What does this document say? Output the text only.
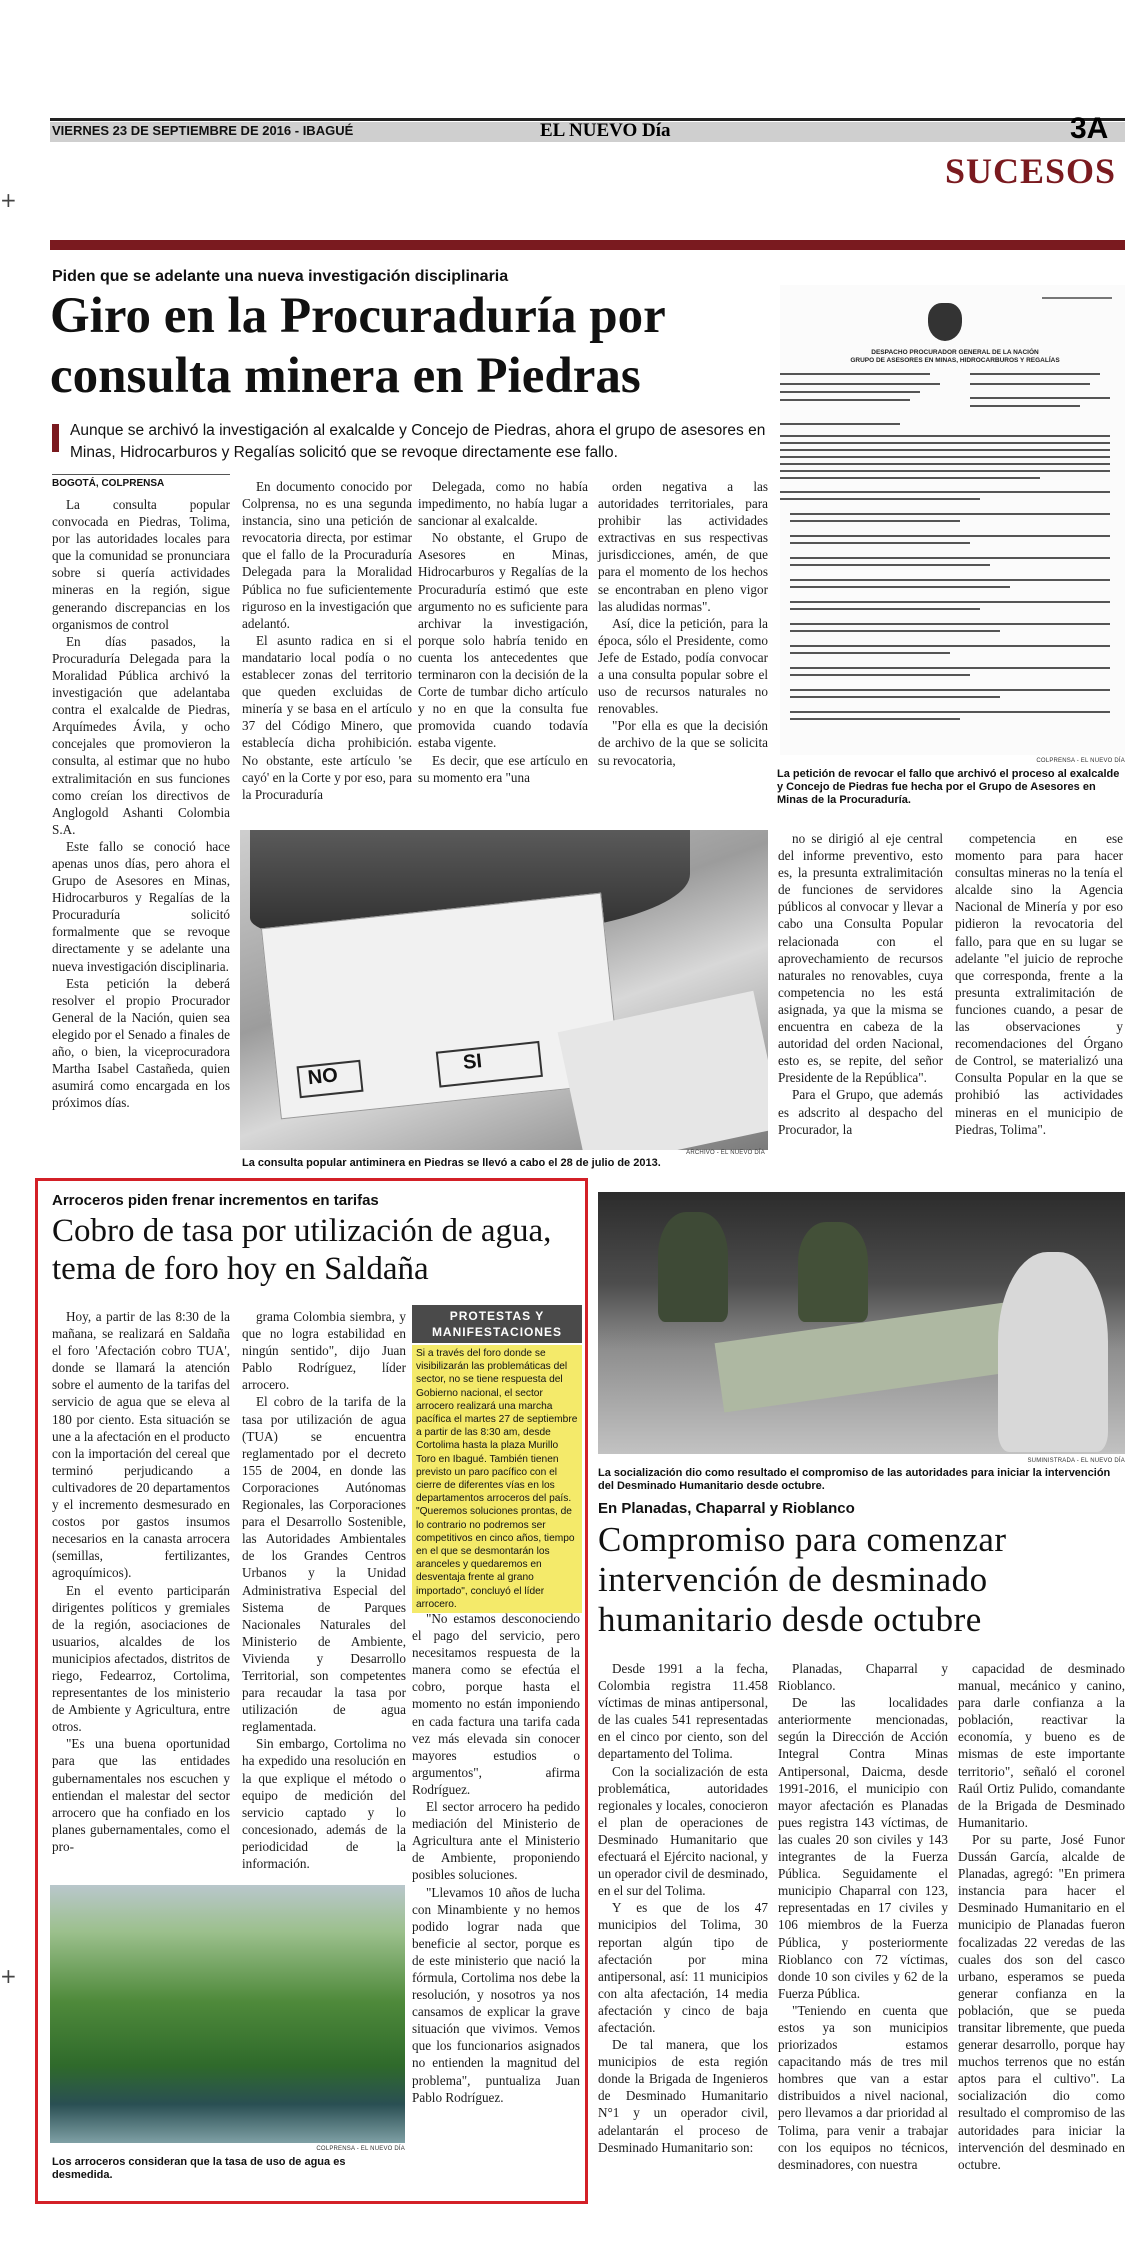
VIERNES 23 DE SEPTIEMBRE DE 2016 - IBAGUÉ	EL NUEVO Día	3A
SUCESOS
+
+
Piden que se adelante una nueva investigación disciplinaria
Giro en la Procuraduría por consulta minera en Piedras
Aunque se archivó la investigación al exalcalde y Concejo de Piedras, ahora el grupo de asesores en Minas, Hidrocarburos y Regalías solicitó que se revoque directamente ese fallo.
BOGOTÁ, COLPRENSA

La consulta popular convocada en Piedras, Tolima, por las autoridades locales para que la comunidad se pronunciara sobre si quería actividades mineras en la región, sigue generando discrepancias en los organismos de control

En días pasados, la Procuraduría Delegada para la Moralidad Pública archivó la investigación que adelantaba contra el exalcalde de Piedras, Arquímedes Ávila, y ocho concejales que promovieron la consulta, al estimar que no hubo extralimitación en sus funciones como creían los directivos de Anglogold Ashanti Colombia S.A.

Este fallo se conoció hace apenas unos días, pero ahora el Grupo de Asesores en Minas, Hidrocarburos y Regalías de la Procuraduría solicitó formalmente que se revoque directamente y se adelante una nueva investigación disciplinaria.

Esta petición la deberá resolver el propio Procurador General de la Nación, quien sea elegido por el Senado a finales de año, o bien, la viceprocuradora Martha Isabel Castañeda, quien asumirá como encargada en los próximos días.

En documento conocido por Colprensa, no es una segunda instancia, sino una petición de revocatoria directa, por estimar que el fallo de la Procuraduría Delegada para la Moralidad Pública no fue suficientemente riguroso en la investigación que adelantó.

El asunto radica en si el mandatario local podía o no establecer zonas del territorio que queden excluidas de minería y se basa en el artículo 37 del Código Minero, que establecía dicha prohibición. No obstante, este artículo 'se cayó' en la Corte y por eso, para la Procuraduría

Delegada, como no había impedimento, no había lugar a sancionar al exalcalde.

No obstante, el Grupo de Asesores en Minas, Hidrocarburos y Regalías de la Procuraduría estimó que este argumento no es suficiente para archivar la investigación, porque solo habría tenido en cuenta los antecedentes que terminaron con la decisión de la Corte de tumbar dicho artículo y no en que la consulta fue promovida cuando todavía estaba vigente.

Es decir, que ese artículo en su momento era "una

orden negativa a las autoridades territoriales, para prohibir las actividades extractivas en sus respectivas jurisdicciones, amén, de que para el momento de los hechos se encontraban en pleno vigor las aludidas normas".

Así, dice la petición, para la época, sólo el Presidente, como Jefe de Estado, podía convocar a una consulta popular sobre el uso de recursos naturales no renovables.

"Por ella es que la decisión de archivo de la que se solicita su revocatoria,

DESPACHO PROCURADOR GENERAL DE LA NACIÓN
GRUPO DE ASESORES EN MINAS, HIDROCARBUROS Y REGALÍAS
COLPRENSA - EL NUEVO DÍA
La petición de revocar el fallo que archivó el proceso al exalcalde y Concejo de Piedras fue hecha por el Grupo de Asesores en Minas de la Procuraduría.
NO
SI
ARCHIVO - EL NUEVO DÍA
La consulta popular antiminera en Piedras se llevó a cabo el 28 de julio de 2013.

no se dirigió al eje central del informe preventivo, esto es, la presunta extralimitación de funciones de servidores públicos al convocar y llevar a cabo una Consulta Popular relacionada con el aprovechamiento de recursos naturales no renovables, cuya competencia no les está asignada, ya que la misma se encuentra en cabeza de la autoridad del orden Nacional, esto es, se repite, del señor Presidente de la República".

Para el Grupo, que además es adscrito al despacho del Procurador, la

competencia en ese momento para para hacer consultas mineras no la tenía el alcalde sino la Agencia Nacional de Minería y por eso pidieron la revocatoria del fallo, para que en su lugar se adelante "el juicio de reproche que corresponda, frente a la presunta extralimitación de funciones cuando, a pesar de las observaciones y recomendaciones del Órgano de Control, se materializó una Consulta Popular en la que se prohibió las actividades mineras en el municipio de Piedras, Tolima".

Arroceros piden frenar incrementos en tarifas
Cobro de tasa por utilización de agua, tema de foro hoy en Saldaña

Hoy, a partir de las 8:30 de la mañana, se realizará en Saldaña el foro 'Afectación cobro TUA', donde se llamará la atención sobre el aumento de la tarifas del servicio de agua que se eleva al 180 por ciento. Esta situación se une a la afectación en el producto con la importación del cereal que terminó perjudicando a cultivadores de 20 departamentos y el incremento desmesurado en costos por gastos insumos necesarios en la canasta arrocera (semillas, fertilizantes, agroquímicos).

En el evento participarán dirigentes políticos y gremiales de la región, asociaciones de usuarios, alcaldes de los municipios afectados, distritos de riego, Fedearroz, Cortolima, representantes de los ministerio de Ambiente y Agricultura, entre otros.

"Es una buena oportunidad para que las entidades gubernamentales nos escuchen y entiendan el malestar del sector arrocero que ha confiado en los planes gubernamentales, como el pro-

grama Colombia siembra, y que no logra estabilidad en ningún sentido", dijo Juan Pablo Rodríguez, líder arrocero.

El cobro de la tarifa de la tasa por utilización de agua (TUA) se encuentra reglamentado por el decreto 155 de 2004, en donde las Corporaciones Autónomas Regionales, las Corporaciones para el Desarrollo Sostenible, las Autoridades Ambientales de los Grandes Centros Urbanos y la Unidad Administrativa Especial del Sistema de Parques Nacionales Naturales del Ministerio de Ambiente, Vivienda y Desarrollo Territorial, son competentes para recaudar la tasa por utilización de agua reglamentada.

Sin embargo, Cortolima no ha expedido una resolución en la que explique el método o equipo de medición del servicio captado y lo concesionado, además de la periodicidad de la información.

PROTESTAS Y
MANIFESTACIONES
Si a través del foro donde se visibilizarán las problemáticas del sector, no se tiene respuesta del Gobierno nacional, el sector arrocero realizará una marcha pacífica el martes 27 de septiembre a partir de las 8:30 am, desde Cortolima hasta la plaza Murillo Toro en Ibagué. También tienen previsto un paro pacífico con el cierre de diferentes vías en los departamentos arroceros del país. "Queremos soluciones prontas, de lo contrario no podremos ser competitivos en cinco años, tiempo en el que se desmontarán los aranceles y quedaremos en desventaja frente al grano importado", concluyó el líder arrocero.

"No estamos desconociendo el pago del servicio, pero necesitamos respuesta de la manera como se efectúa el cobro, porque hasta el momento no están imponiendo en cada factura una tarifa cada vez más elevada sin conocer mayores estudios o argumentos", afirma Rodríguez.

El sector arrocero ha pedido mediación del Ministerio de Agricultura ante el Ministerio de Ambiente, proponiendo posibles soluciones.

"Llevamos 10 años de lucha con Minambiente y no hemos podido lograr nada que beneficie al sector, porque es de este ministerio que nació la fórmula, Cortolima nos debe la resolución, y nosotros ya nos cansamos de explicar la grave situación que vivimos. Vemos que los funcionarios asignados no entienden la magnitud del problema", puntualiza Juan Pablo Rodríguez.

COLPRENSA - EL NUEVO DÍA
Los arroceros consideran que la tasa de uso de agua es desmedida.
SUMINISTRADA - EL NUEVO DÍA
La socialización dio como resultado el compromiso de las autoridades para iniciar la intervención del Desminado Humanitario desde octubre.
En Planadas, Chaparral y Rioblanco
Compromiso para comenzar intervención de desminado humanitario desde octubre

Desde 1991 a la fecha, Colombia registra 11.458 víctimas de minas antipersonal, de las cuales 541 representadas en el cinco por ciento, son del departamento del Tolima.

Con la socialización de esta problemática, autoridades regionales y locales, conocieron el plan de operaciones de Desminado Humanitario que efectuará el Ejército nacional, y un operador civil de desminado, en el sur del Tolima.

Y es que de los 47 municipios del Tolima, 30 reportan algún tipo de afectación por mina antipersonal, así: 11 municipios con alta afectación, 14 media afectación y cinco de baja afectación.

De tal manera, que los municipios de esta región donde la Brigada de Ingenieros de Desminado Humanitario N°1 y un operador civil, adelantarán el proceso de Desminado Humanitario son:

Planadas, Chaparral y Rioblanco.

De las localidades anteriormente mencionadas, según la Dirección de Acción Integral Contra Minas Antipersonal, Daicma, desde 1991-2016, el municipio con mayor afectación es Planadas pues registra 143 víctimas, de las cuales 20 son civiles y 143 integrantes de la Fuerza Pública. Seguidamente el municipio Chaparral con 123, representadas en 17 civiles y 106 miembros de la Fuerza Pública, y posteriormente Rioblanco con 72 víctimas, donde 10 son civiles y 62 de la Fuerza Pública.

"Teniendo en cuenta que estos ya son municipios priorizados estamos capacitando más de tres mil hombres que van a estar distribuidos a nivel nacional, pero llevamos a dar prioridad al Tolima, para venir a trabajar con los equipos no técnicos, desminadores, con nuestra

capacidad de desminado manual, mecánico y canino, para darle confianza a la población, reactivar la economía, y bueno es de mismas de este importante territorio", señaló el coronel Raúl Ortiz Pulido, comandante de la Brigada de Desminado Humanitario.

Por su parte, José Funor Dussán García, alcalde de Planadas, agregó: "En primera instancia para hacer el Desminado Humanitario en el municipio de Planadas fueron focalizadas 22 veredas de las cuales dos son del casco urbano, esperamos se pueda generar confianza en la población, que se pueda transitar libremente, que pueda generar desarrollo, porque hay muchos terrenos que no están aptos para el cultivo". La socialización dio como resultado el compromiso de las autoridades para iniciar la intervención del desminado en octubre.
